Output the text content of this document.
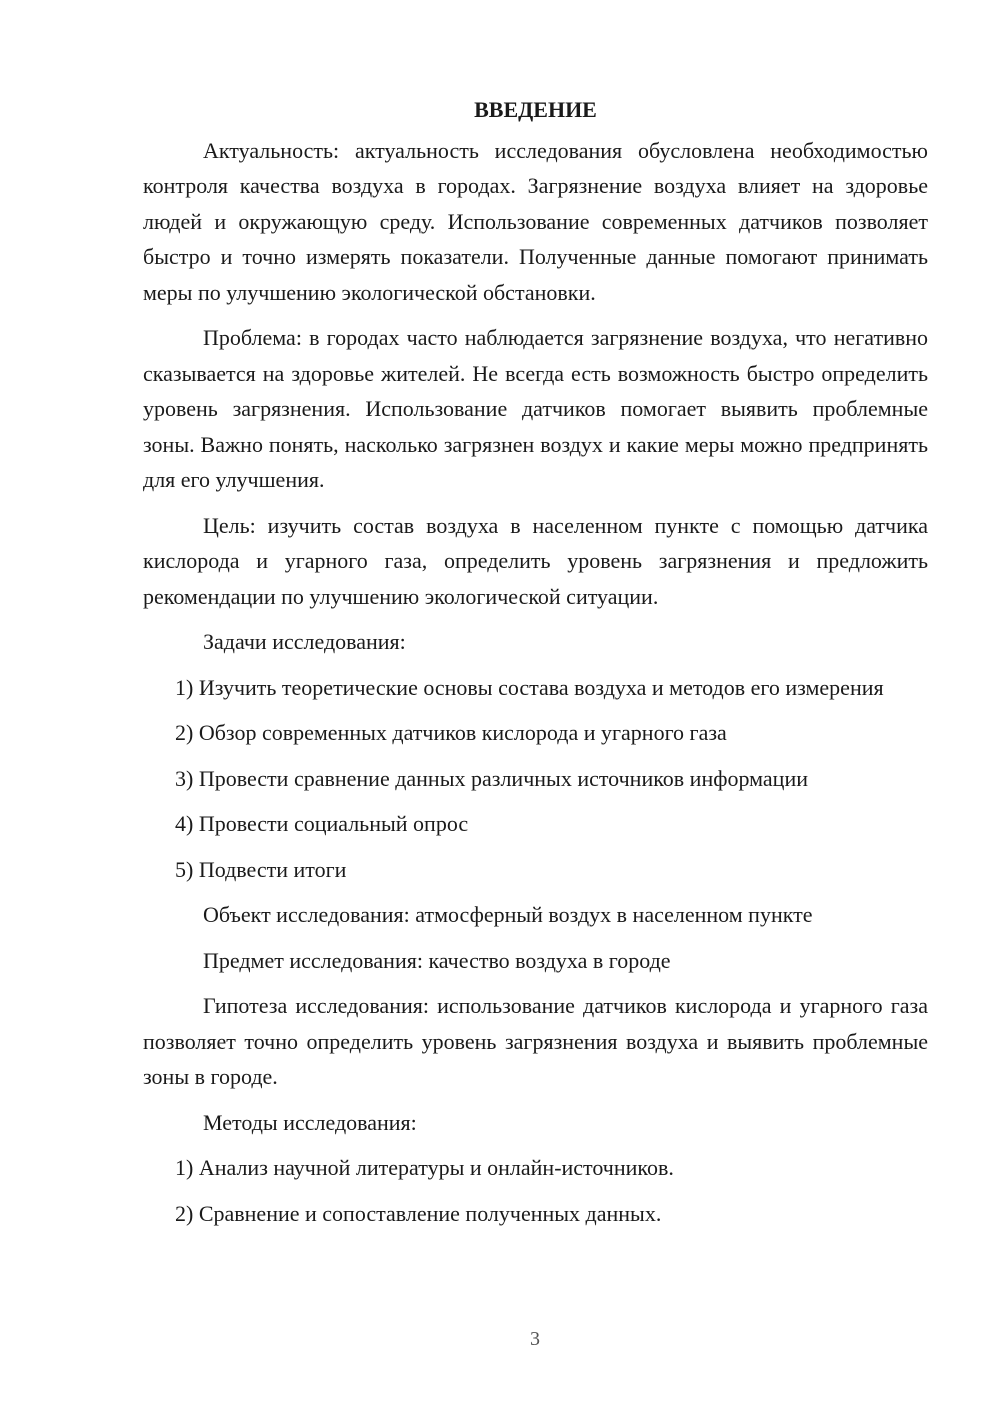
ВВЕДЕНИЕ
Актуальность: актуальность исследования обусловлена необходимостью контроля качества воздуха в городах. Загрязнение воздуха влияет на здоровье людей и окружающую среду. Использование современных датчиков позволяет быстро и точно измерять показатели. Полученные данные помогают принимать меры по улучшению экологической обстановки.
Проблема: в городах часто наблюдается загрязнение воздуха, что негативно сказывается на здоровье жителей. Не всегда есть возможность быстро определить уровень загрязнения. Использование датчиков помогает выявить проблемные зоны. Важно понять, насколько загрязнен воздух и какие меры можно предпринять для его улучшения.
Цель: изучить состав воздуха в населенном пункте с помощью датчика кислорода и угарного газа, определить уровень загрязнения и предложить рекомендации по улучшению экологической ситуации.
Задачи исследования:
1) Изучить теоретические основы состава воздуха и методов его измерения
2) Обзор современных датчиков кислорода и угарного газа
3) Провести сравнение данных различных источников информации
4) Провести социальный опрос
5) Подвести итоги
Объект исследования: атмосферный воздух в населенном пункте
Предмет исследования: качество воздуха в городе
Гипотеза исследования: использование датчиков кислорода и угарного газа позволяет точно определить уровень загрязнения воздуха и выявить проблемные зоны в городе.
Методы исследования:
1) Анализ научной литературы и онлайн-источников.
2) Сравнение и сопоставление полученных данных.
3
